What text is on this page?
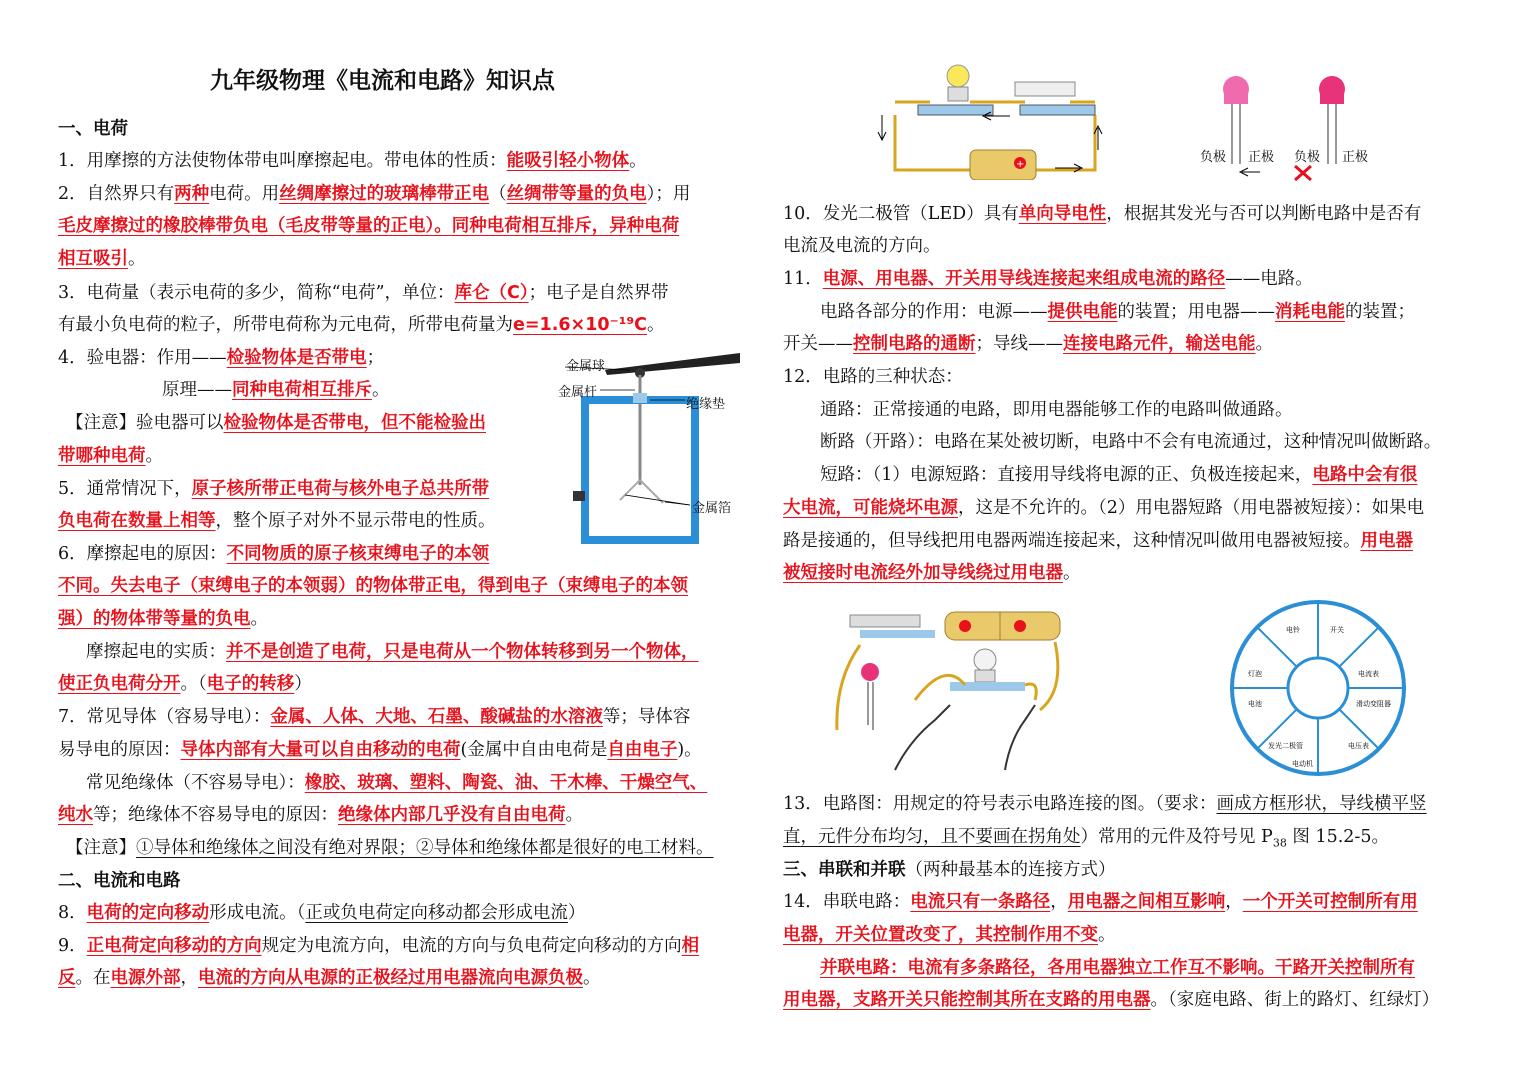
九年级物理《电流和电路》知识点
一、电荷
1．用摩擦的方法使物体带电叫摩擦起电。带电体的性质：能吸引轻小物体。
2．自然界只有两种电荷。用丝绸摩擦过的玻璃棒带正电（丝绸带等量的负电）；用
毛皮摩擦过的橡胶棒带负电（毛皮带等量的正电）。同种电荷相互排斥，异种电荷
相互吸引。
3．电荷量（表示电荷的多少，简称“电荷”，单位：库仑（C）；电子是自然界带
有最小负电荷的粒子，所带电荷称为元电荷，所带电荷量为e=1.6×10⁻¹⁹C。
4．验电器：作用——检验物体是否带电；
原理——同种电荷相互排斥。
【注意】验电器可以检验物体是否带电，但不能检验出
带哪种电荷。
5．通常情况下，原子核所带正电荷与核外电子总共所带
负电荷在数量上相等，整个原子对外不显示带电的性质。
6．摩擦起电的原因：不同物质的原子核束缚电子的本领
不同。失去电子（束缚电子的本领弱）的物体带正电，得到电子（束缚电子的本领
强）的物体带等量的负电。
摩擦起电的实质：并不是创造了电荷，只是电荷从一个物体转移到另一个物体，
使正负电荷分开。（电子的转移）
7．常见导体（容易导电）：金属、人体、大地、石墨、酸碱盐的水溶液等；导体容
易导电的原因：导体内部有大量可以自由移动的电荷(金属中自由电荷是自由电子)。
常见绝缘体（不容易导电）：橡胶、玻璃、塑料、陶瓷、油、干木棒、干燥空气、
纯水等；绝缘体不容易导电的原因：绝缘体内部几乎没有自由电荷。
【注意】①导体和绝缘体之间没有绝对界限；②导体和绝缘体都是很好的电工材料。
二、电流和电路
8．电荷的定向移动形成电流。（正或负电荷定向移动都会形成电流）
9．正电荷定向移动的方向规定为电流方向，电流的方向与负电荷定向移动的方向相
反。在电源外部，电流的方向从电源的正极经过用电器流向电源负极。
金属球
金属杆
绝缘垫
金属箔
+	负极 正极 负极 正极
10．发光二极管（LED）具有单向导电性，根据其发光与否可以判断电路中是否有
电流及电流的方向。
11．电源、用电器、开关用导线连接起来组成电流的路径——电路。
电路各部分的作用：电源——提供电能的装置；用电器——消耗电能的装置；
开关——控制电路的通断；导线——连接电路元件，输送电能。
12．电路的三种状态：
通路：正常接通的电路，即用电器能够工作的电路叫做通路。
断路（开路）：电路在某处被切断，电路中不会有电流通过，这种情况叫做断路。
短路：（1）电源短路：直接用导线将电源的正、负极连接起来，电路中会有很
大电流，可能烧坏电源，这是不允许的。（2）用电器短路（用电器被短接）：如果电
路是接通的，但导线把用电器两端连接起来，这种情况叫做用电器被短接。用电器
被短接时电流经外加导线绕过用电器。
电铃	开关
灯泡	电流表
滑动变阻器
电池
发光二极管
电动机
电压表
13．电路图：用规定的符号表示电路连接的图。（要求：画成方框形状，导线横平竖
直，元件分布均匀，且不要画在拐角处）常用的元件及符号见 $P_{38}$ 图 15.2-5。
三、串联和并联（两种最基本的连接方式）
14．串联电路：电流只有一条路径，用电器之间相互影响，一个开关可控制所有用
电器，开关位置改变了，其控制作用不变。
并联电路：电流有多条路径，各用电器独立工作互不影响。干路开关控制所有
用电器，支路开关只能控制其所在支路的用电器。（家庭电路、街上的路灯、红绿灯）
